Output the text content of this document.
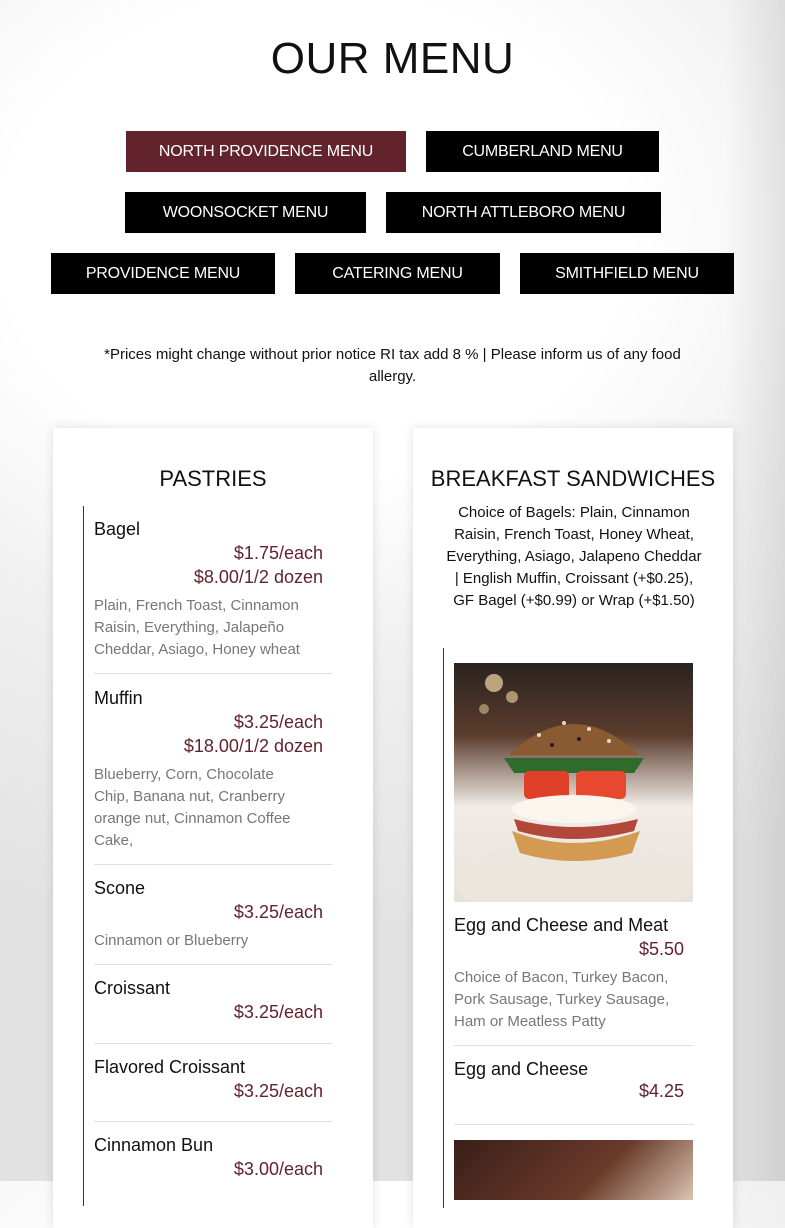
OUR MENU
NORTH PROVIDENCE MENU	CUMBERLAND MENU
WOONSOCKET MENU	NORTH ATTLEBORO MENU
PROVIDENCE MENU	CATERING MENU	SMITHFIELD MENU
*Prices might change without prior notice RI tax add 8 % | Please inform us of any food allergy.
PASTRIES
Bagel
$1.75/each
$8.00/1/2 dozen
Plain, French Toast, Cinnamon Raisin, Everything, Jalapeño Cheddar, Asiago, Honey wheat
Muffin
$3.25/each
$18.00/1/2 dozen
Blueberry, Corn, Chocolate Chip, Banana nut, Cranberry orange nut, Cinnamon Coffee Cake,
Scone
$3.25/each
Cinnamon or Blueberry
Croissant
$3.25/each
Flavored Croissant
$3.25/each
Cinnamon Bun
$3.00/each
BREAKFAST SANDWICHES
Choice of Bagels: Plain, Cinnamon Raisin, French Toast, Honey Wheat, Everything, Asiago, Jalapeno Cheddar | English Muffin, Croissant (+$0.25), GF Bagel (+$0.99) or Wrap (+$1.50)
Egg and Cheese and Meat
$5.50
Choice of Bacon, Turkey Bacon, Pork Sausage, Turkey Sausage, Ham or Meatless Patty
Egg and Cheese
$4.25
